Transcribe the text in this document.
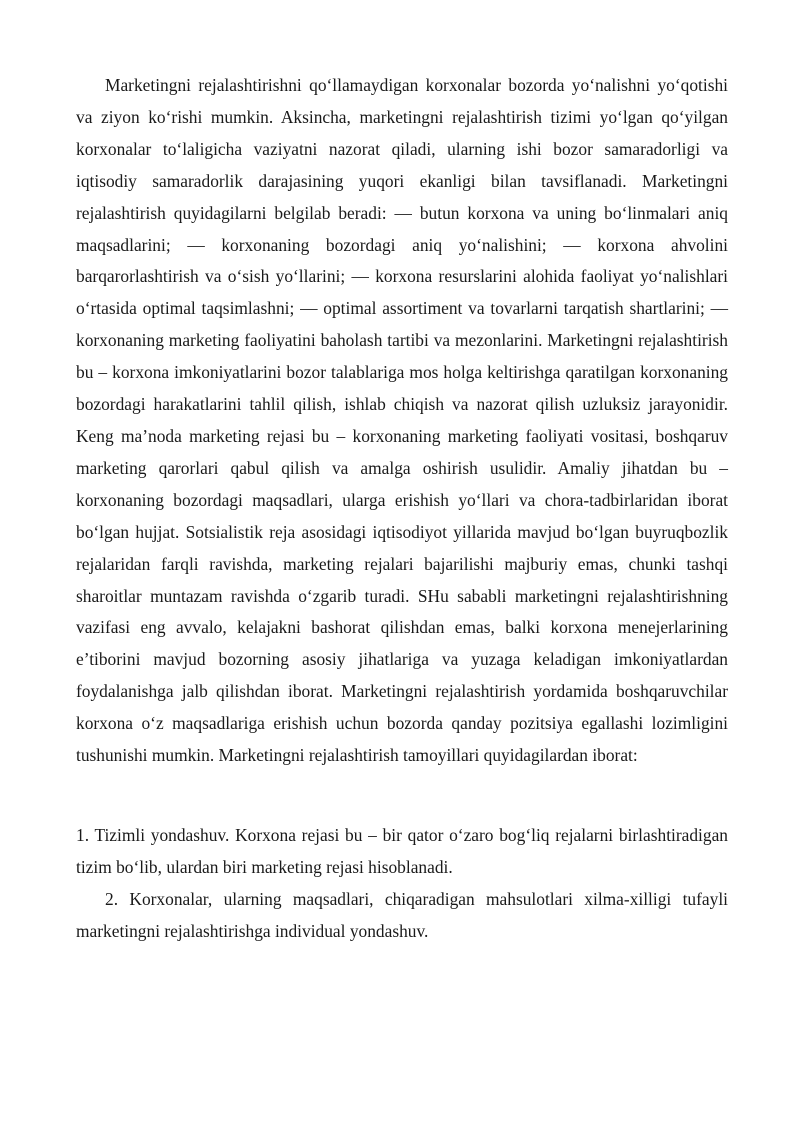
Marketingni rejalashtirishni qo‘llamaydigan korxonalar bozorda yo‘nalishni yo‘qotishi va ziyon ko‘rishi mumkin. Aksincha, marketingni rejalashtirish tizimi yo‘lgan qo‘yilgan korxonalar to‘laligicha vaziyatni nazorat qiladi, ularning ishi bozor samaradorligi va iqtisodiy samaradorlik darajasining yuqori ekanligi bilan tavsiflanadi. Marketingni rejalashtirish quyidagilarni belgilab beradi: — butun korxona va uning bo‘linmalari aniq maqsadlarini; — korxonaning bozordagi aniq yo‘nalishini; — korxona ahvolini barqarorlashtirish va o‘sish yo‘llarini; — korxona resurslarini alohida faoliyat yo‘nalishlari o‘rtasida optimal taqsimlashni; — optimal assortiment va tovarlarni tarqatish shartlarini; — korxonaning marketing faoliyatini baholash tartibi va mezonlarini. Marketingni rejalashtirish bu – korxona imkoniyatlarini bozor talablariga mos holga keltirishga qaratilgan korxonaning bozordagi harakatlarini tahlil qilish, ishlab chiqish va nazorat qilish uzluksiz jarayonidir. Keng ma’noda marketing rejasi bu – korxonaning marketing faoliyati vositasi, boshqaruv marketing qarorlari qabul qilish va amalga oshirish usulidir. Amaliy jihatdan bu – korxonaning bozordagi maqsadlari, ularga erishish yo‘llari va chora-tadbirlaridan iborat bo‘lgan hujjat. Sotsialistik reja asosidagi iqtisodiyot yillarida mavjud bo‘lgan buyruqbozlik rejalaridan farqli ravishda, marketing rejalari bajarilishi majburiy emas, chunki tashqi sharoitlar muntazam ravishda o‘zgarib turadi. SHu sababli marketingni rejalashtirishning vazifasi eng avvalo, kelajakni bashorat qilishdan emas, balki korxona menejerlarining e’tiborini mavjud bozorning asosiy jihatlariga va yuzaga keladigan imkoniyatlardan foydalanishga jalb qilishdan iborat. Marketingni rejalashtirish yordamida boshqaruvchilar korxona o‘z maqsadlariga erishish uchun bozorda qanday pozitsiya egallashi lozimligini tushunishi mumkin. Marketingni rejalashtirish tamoyillari quyidagilardan iborat:

1. Tizimli yondashuv. Korxona rejasi bu – bir qator o‘zaro bog‘liq rejalarni birlashtiradigan tizim bo‘lib, ulardan biri marketing rejasi hisoblanadi.

2. Korxonalar, ularning maqsadlari, chiqaradigan mahsulotlari xilma-xilligi tufayli marketingni rejalashtirishga individual yondashuv.
